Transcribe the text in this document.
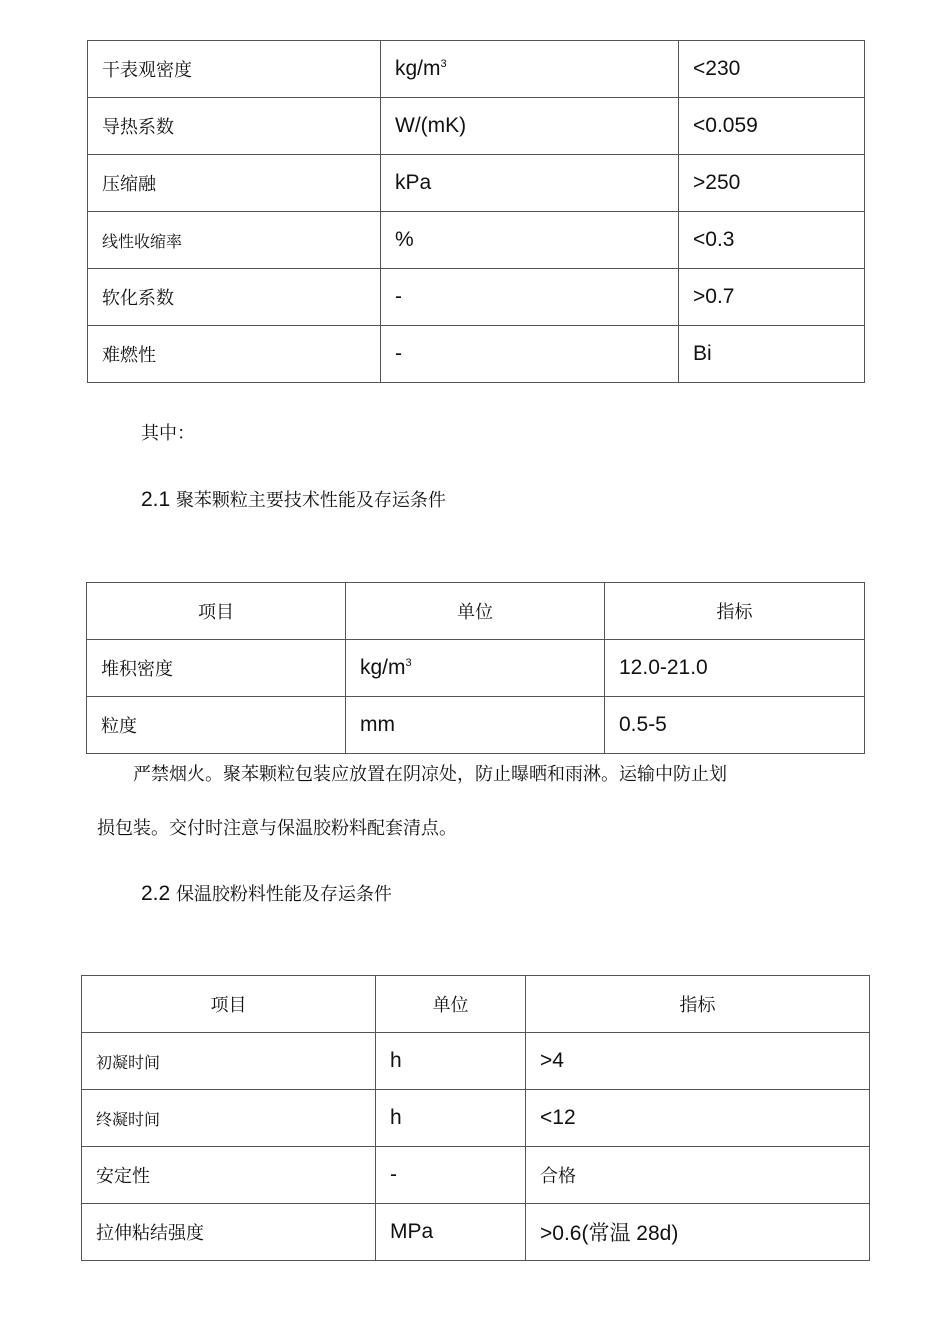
干表观密度	$kg/m^3$	<230
导热系数	W/(mK)	<0.059
压缩融	kPa	>250
线性收缩率	%	<0.3
软化系数	-	>0.7
难燃性	-	Bi
其中：
2.1 聚苯颗粒主要技术性能及存运条件
项目	单位	指标
堆积密度	$kg/m^3$	12.0-21.0
粒度	mm	0.5-5
严禁烟火。聚苯颗粒包装应放置在阴凉处，防止曝晒和雨淋。运输中防止划
损包装。交付时注意与保温胶粉料配套清点。
2.2 保温胶粉料性能及存运条件
项目	单位	指标
初凝时间	h	>4
终凝时间	h	<12
安定性	-	合格
拉伸粘结强度	MPa	>0.6(常温 28d)
